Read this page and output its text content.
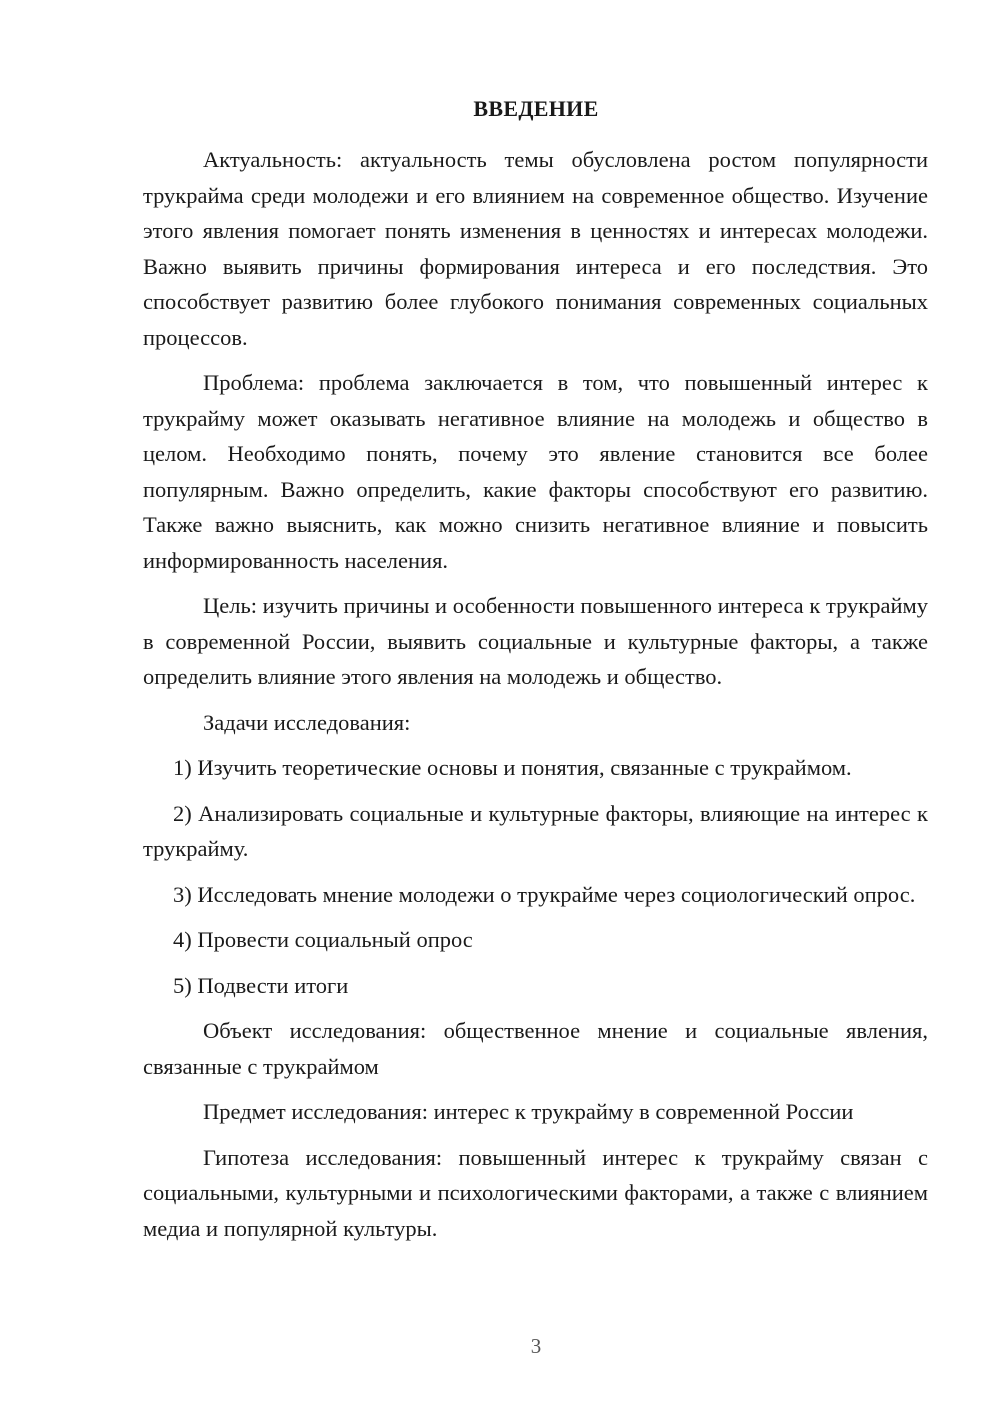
ВВЕДЕНИЕ

Актуальность: актуальность темы обусловлена ростом популярности трукрайма среди молодежи и его влиянием на современное общество. Изучение этого явления помогает понять изменения в ценностях и интересах молодежи. Важно выявить причины формирования интереса и его последствия. Это способствует развитию более глубокого понимания современных социальных процессов.

Проблема: проблема заключается в том, что повышенный интерес к трукрайму может оказывать негативное влияние на молодежь и общество в целом. Необходимо понять, почему это явление становится все более популярным. Важно определить, какие факторы способствуют его развитию. Также важно выяснить, как можно снизить негативное влияние и повысить информированность населения.

Цель: изучить причины и особенности повышенного интереса к трукрайму в современной России, выявить социальные и культурные факторы, а также определить влияние этого явления на молодежь и общество.

Задачи исследования:

1) Изучить теоретические основы и понятия, связанные с трукраймом.

2) Анализировать социальные и культурные факторы, влияющие на интерес к трукрайму.

3) Исследовать мнение молодежи о трукрайме через социологический опрос.

4) Провести социальный опрос

5) Подвести итоги

Объект исследования: общественное мнение и социальные явления, связанные с трукраймом

Предмет исследования: интерес к трукрайму в современной России

Гипотеза исследования: повышенный интерес к трукрайму связан с социальными, культурными и психологическими факторами, а также с влиянием медиа и популярной культуры.

3
